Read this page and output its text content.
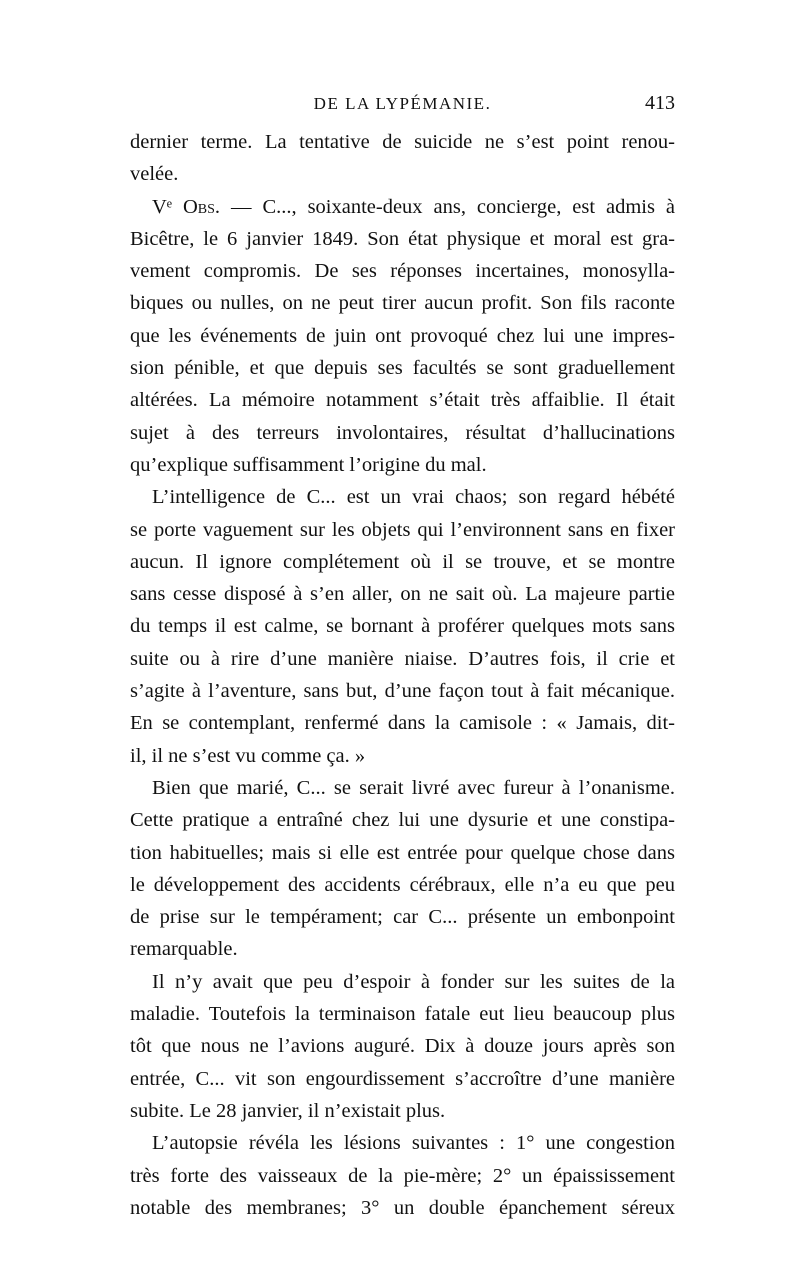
DE LA LYPÉMANIE.	413
dernier terme. La tentative de suicide ne s’est point renou-
velée.
Vᵉ Obs. — C..., soixante-deux ans, concierge, est admis à
Bicêtre, le 6 janvier 1849. Son état physique et moral est gra-
vement compromis. De ses réponses incertaines, monosylla-
biques ou nulles, on ne peut tirer aucun profit. Son fils raconte
que les événements de juin ont provoqué chez lui une impres-
sion pénible, et que depuis ses facultés se sont graduellement
altérées. La mémoire notamment s’était très affaiblie. Il était
sujet à des terreurs involontaires, résultat d’hallucinations
qu’explique suffisamment l’origine du mal.
L’intelligence de C... est un vrai chaos; son regard hébété
se porte vaguement sur les objets qui l’environnent sans en fixer
aucun. Il ignore complétement où il se trouve, et se montre
sans cesse disposé à s’en aller, on ne sait où. La majeure partie
du temps il est calme, se bornant à proférer quelques mots sans
suite ou à rire d’une manière niaise. D’autres fois, il crie et
s’agite à l’aventure, sans but, d’une façon tout à fait mécanique.
En se contemplant, renfermé dans la camisole : « Jamais, dit-
il, il ne s’est vu comme ça. »
Bien que marié, C... se serait livré avec fureur à l’onanisme.
Cette pratique a entraîné chez lui une dysurie et une constipa-
tion habituelles; mais si elle est entrée pour quelque chose dans
le développement des accidents cérébraux, elle n’a eu que peu
de prise sur le tempérament; car C... présente un embonpoint
remarquable.
Il n’y avait que peu d’espoir à fonder sur les suites de la
maladie. Toutefois la terminaison fatale eut lieu beaucoup plus
tôt que nous ne l’avions auguré. Dix à douze jours après son
entrée, C... vit son engourdissement s’accroître d’une manière
subite. Le 28 janvier, il n’existait plus.
L’autopsie révéla les lésions suivantes : 1° une congestion
très forte des vaisseaux de la pie-mère; 2° un épaississement
notable des membranes; 3° un double épanchement séreux
